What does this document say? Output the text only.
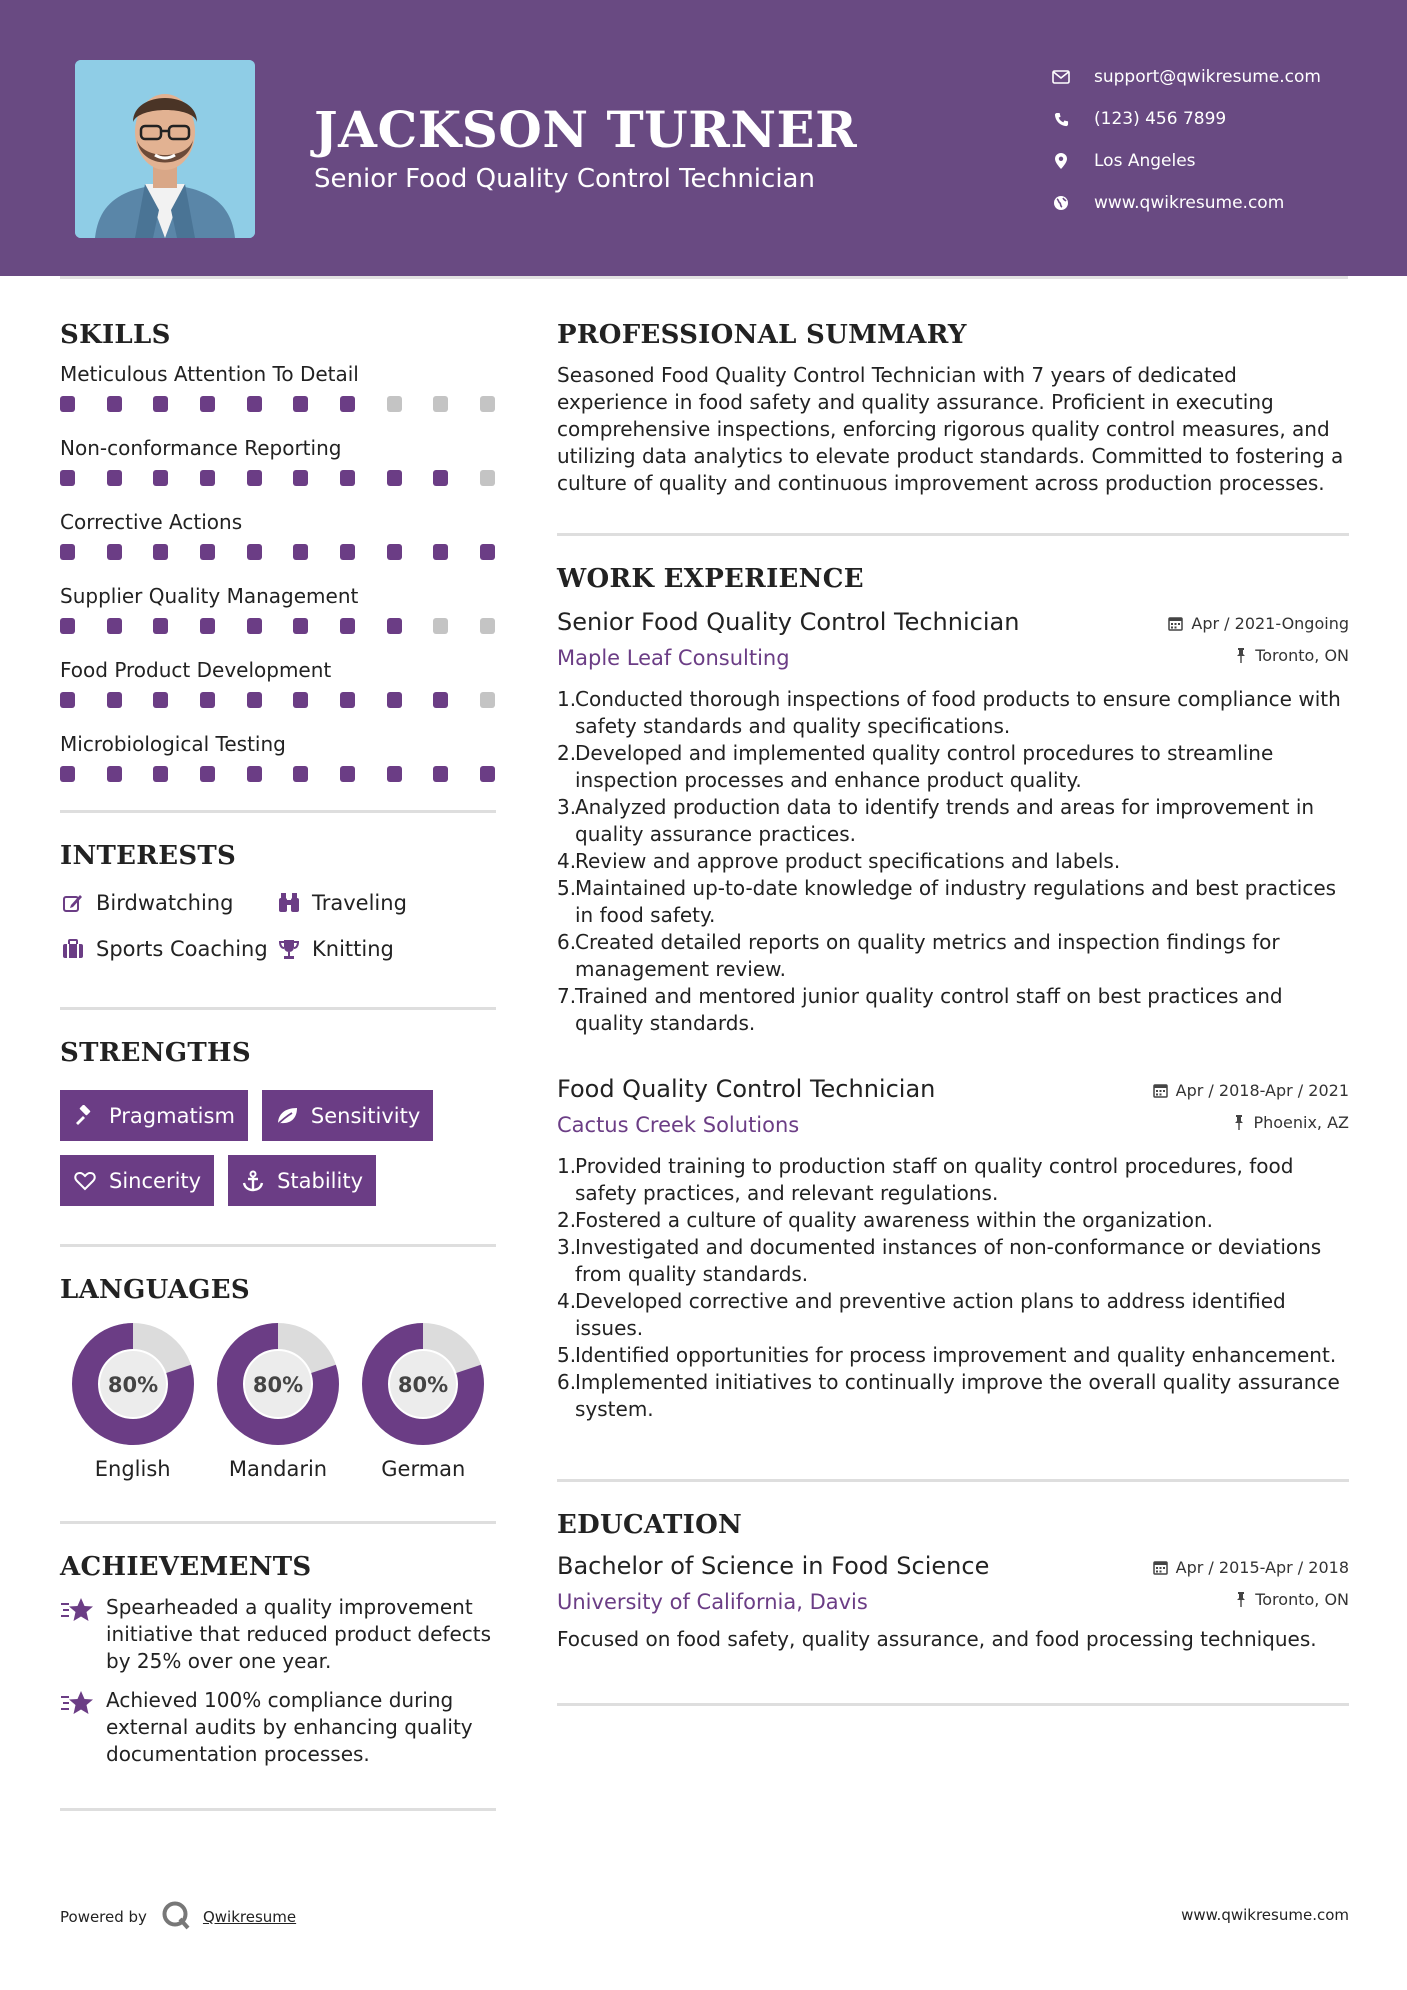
JACKSON TURNER
Senior Food Quality Control Technician
support@qwikresume.com
(123) 456 7899
Los Angeles
www.qwikresume.com
SKILLS
Meticulous Attention To Detail
Non-conformance Reporting
Corrective Actions
Supplier Quality Management
Food Product Development
Microbiological Testing
INTERESTS
Birdwatching	Traveling
Sports Coaching Knitting
STRENGTHS
Pragmatism	Sensitivity
Sincerity	Stability
LANGUAGES
80%
English
80%
Mandarin
80%
German
ACHIEVEMENTS
Spearheaded a quality improvement initiative that reduced product defects by 25% over one year.
Achieved 100% compliance during external audits by enhancing quality documentation processes.
PROFESSIONAL SUMMARY

Seasoned Food Quality Control Technician with 7 years of dedicated experience in food safety and quality assurance. Proficient in executing comprehensive inspections, enforcing rigorous quality control measures, and utilizing data analytics to elevate product standards. Committed to fostering a culture of quality and continuous improvement across production processes.

WORK EXPERIENCE
Senior Food Quality Control Technician	Apr / 2021-Ongoing
Maple Leaf Consulting	Toronto, ON
Conducted thorough inspections of food products to ensure compliance with safety standards and quality specifications.
Developed and implemented quality control procedures to streamline inspection processes and enhance product quality.
Analyzed production data to identify trends and areas for improvement in quality assurance practices.
Review and approve product specifications and labels.
Maintained up-to-date knowledge of industry regulations and best practices in food safety.
Created detailed reports on quality metrics and inspection findings for management review.
Trained and mentored junior quality control staff on best practices and quality standards.
Food Quality Control Technician	Apr / 2018-Apr / 2021
Cactus Creek Solutions	Phoenix, AZ
Provided training to production staff on quality control procedures, food safety practices, and relevant regulations.
Fostered a culture of quality awareness within the organization.
Investigated and documented instances of non-conformance or deviations from quality standards.
Developed corrective and preventive action plans to address identified issues.
Identified opportunities for process improvement and quality enhancement.
Implemented initiatives to continually improve the overall quality assurance system.
EDUCATION
Bachelor of Science in Food Science	Apr / 2015-Apr / 2018
University of California, Davis	Toronto, ON

Focused on food safety, quality assurance, and food processing techniques.

Powered by	Qwikresume	www.qwikresume.com
